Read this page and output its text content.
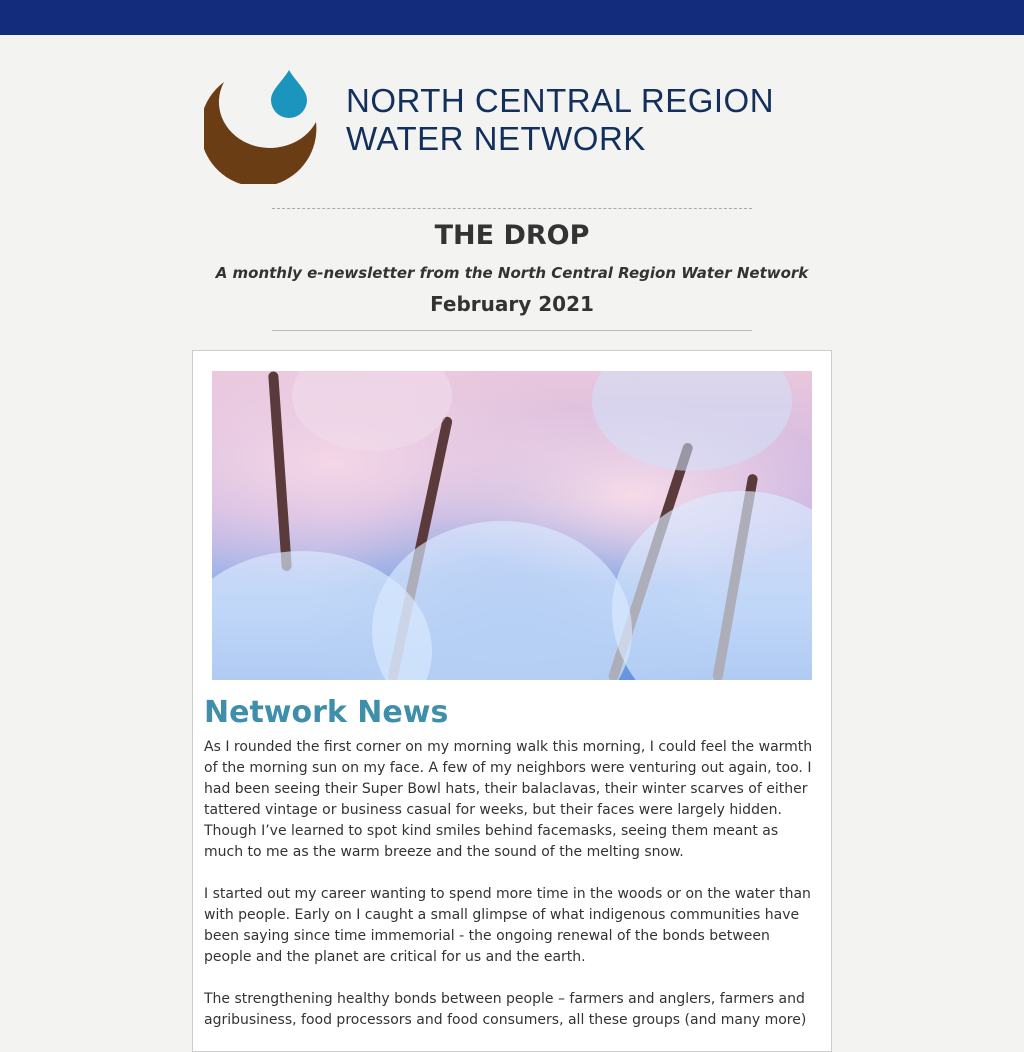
NORTH CENTRAL REGION
WATER NETWORK
THE DROP
A monthly e-newsletter from the North Central Region Water Network
February 2021
Network News

As I rounded the first corner on my morning walk this morning, I could feel the warmth of the morning sun on my face. A few of my neighbors were venturing out again, too. I had been seeing their Super Bowl hats, their balaclavas, their winter scarves of either tattered vintage or business casual for weeks, but their faces were largely hidden. Though I’ve learned to spot kind smiles behind facemasks, seeing them meant as much to me as the warm breeze and the sound of the melting snow.

I started out my career wanting to spend more time in the woods or on the water than with people. Early on I caught a small glimpse of what indigenous communities have been saying since time immemorial - the ongoing renewal of the bonds between people and the planet are critical for us and the earth.

The strengthening healthy bonds between people – farmers and anglers, farmers and agribusiness, food processors and food consumers, all these groups (and many more)
